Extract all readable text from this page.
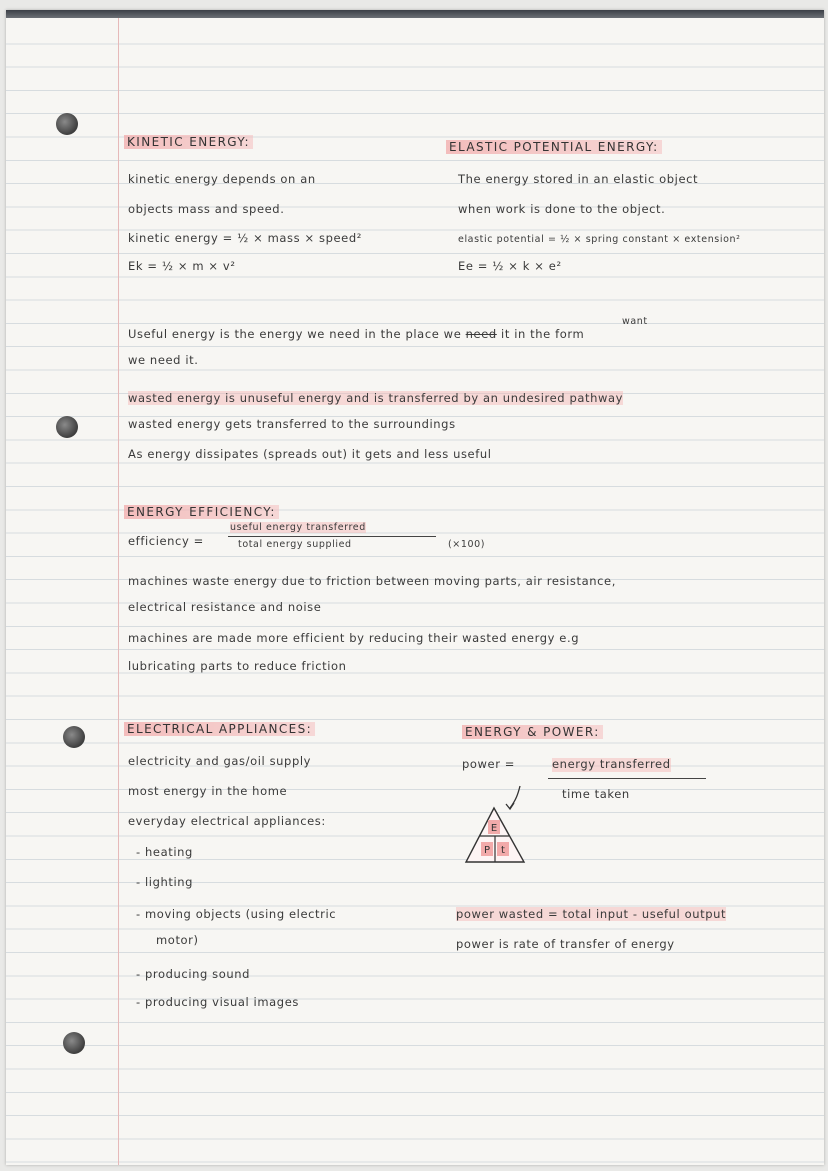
KINETIC ENERGY:
kinetic energy depends on an
objects mass and speed.
kinetic energy = ½ × mass × speed²
Ek = ½ × m × v²
ELASTIC POTENTIAL ENERGY:
The energy stored in an elastic object
when work is done to the object.
elastic potential = ½ × spring constant × extension²
Ee = ½ × k × e²
want
Useful energy is the energy we need in the place we need it in the form
we need it.
wasted energy is unuseful energy and is transferred by an undesired pathway
wasted energy gets transferred to the surroundings
As energy dissipates (spreads out) it gets and less useful
ENERGY EFFICIENCY:
efficiency =
useful energy transferred
total energy supplied	(×100)
machines waste energy due to friction between moving parts, air resistance,
electrical resistance and noise
machines are made more efficient by reducing their wasted energy e.g
lubricating parts to reduce friction
ELECTRICAL APPLIANCES:
electricity and gas/oil supply
most energy in the home
everyday electrical appliances:
- heating
- lighting
- moving objects (using electric
motor)
- producing sound
- producing visual images
ENERGY & POWER:
power =	energy transferred
time taken
E
P t
power wasted = total input - useful output
power is rate of transfer of energy
